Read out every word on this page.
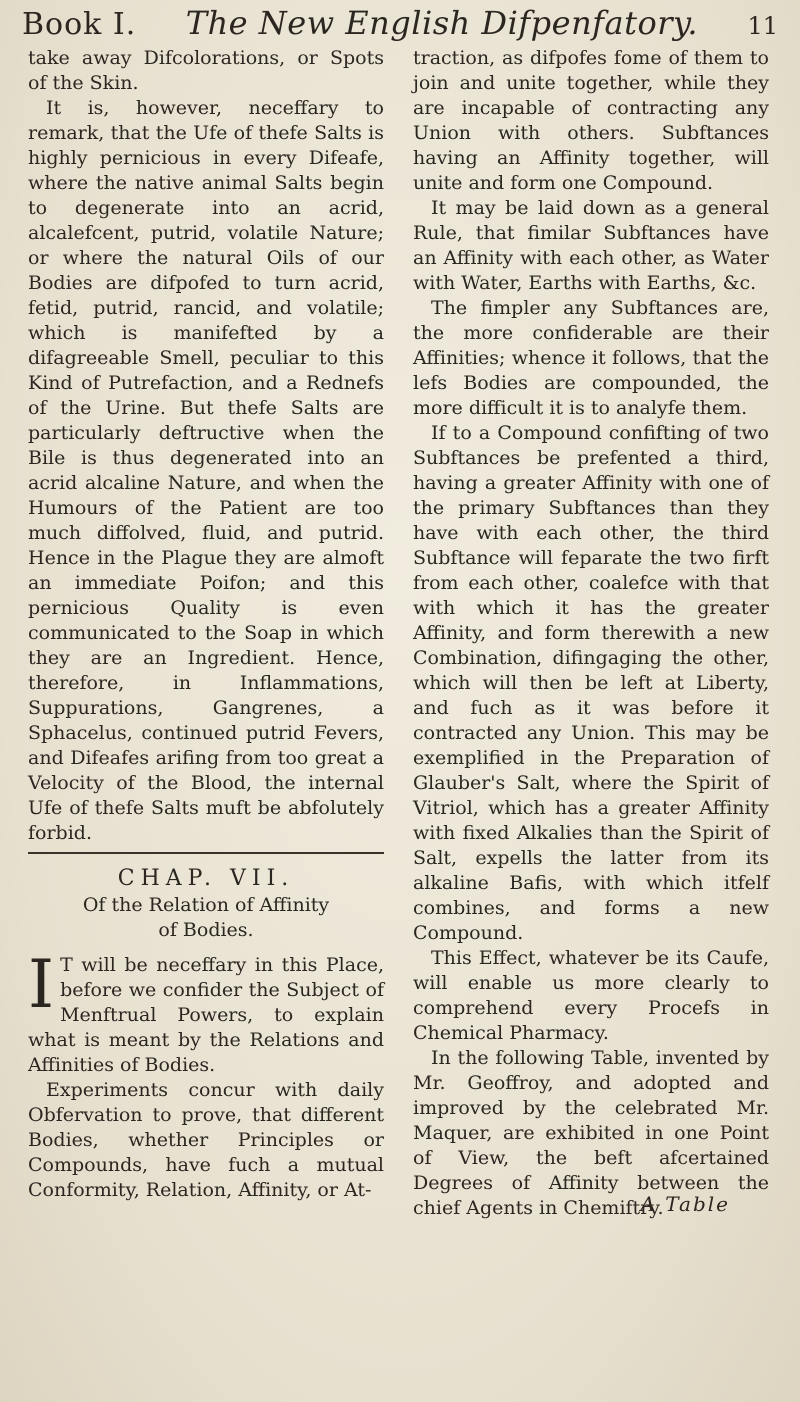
Book I. The New English Difpenfatory. 11

take away Difcolorations, or Spots of the Skin.

It is, however, neceffary to remark, that the Ufe of thefe Salts is highly pernicious in every Difeafe, where the native animal Salts begin to degenerate into an acrid, alcalefcent, putrid, volatile Nature; or where the natural Oils of our Bodies are difpofed to turn acrid, fetid, putrid, rancid, and volatile; which is manifefted by a difagreeable Smell, peculiar to this Kind of Putrefaction, and a Rednefs of the Urine. But thefe Salts are particularly deftructive when the Bile is thus degenerated into an acrid alcaline Nature, and when the Humours of the Patient are too much diffolved, fluid, and putrid. Hence in the Plague they are almoft an immediate Poifon; and this pernicious Quality is even communicated to the Soap in which they are an Ingredient. Hence, therefore, in Inflammations, Suppurations, Gangrenes, a Sphacelus, continued putrid Fevers, and Difeafes arifing from too great a Velocity of the Blood, the internal Ufe of thefe Salts muft be abfolutely forbid.

CHAP. VII.
Of the Relation of Affinity
of Bodies.

I T will be neceffary in this Place, before we confider the Subject of Menftrual Powers, to explain what is meant by the Relations and Affinities of Bodies.

Experiments concur with daily Obfervation to prove, that different Bodies, whether Principles or Compounds, have fuch a mutual Conformity, Relation, Affinity, or At-

traction, as difpofes fome of them to join and unite together, while they are incapable of contracting any Union with others. Subftances having an Affinity together, will unite and form one Compound.

It may be laid down as a general Rule, that fimilar Subftances have an Affinity with each other, as Water with Water, Earths with Earths, &c.

The fimpler any Subftances are, the more confiderable are their Affinities; whence it follows, that the lefs Bodies are compounded, the more difficult it is to analyfe them.

If to a Compound confifting of two Subftances be prefented a third, having a greater Affinity with one of the primary Subftances than they have with each other, the third Subftance will feparate the two firft from each other, coalefce with that with which it has the greater Affinity, and form therewith a new Combination, difingaging the other, which will then be left at Liberty, and fuch as it was before it contracted any Union. This may be exemplified in the Preparation of Glauber's Salt, where the Spirit of Vitriol, which has a greater Affinity with fixed Alkalies than the Spirit of Salt, expells the latter from its alkaline Bafis, with which itfelf combines, and forms a new Compound.

This Effect, whatever be its Caufe, will enable us more clearly to comprehend every Procefs in Chemical Pharmacy.

In the following Table, invented by Mr. Geoffroy, and adopted and improved by the celebrated Mr. Maquer, are exhibited in one Point of View, the beft afcertained Degrees of Affinity between the chief Agents in Chemiftry.

A Table
